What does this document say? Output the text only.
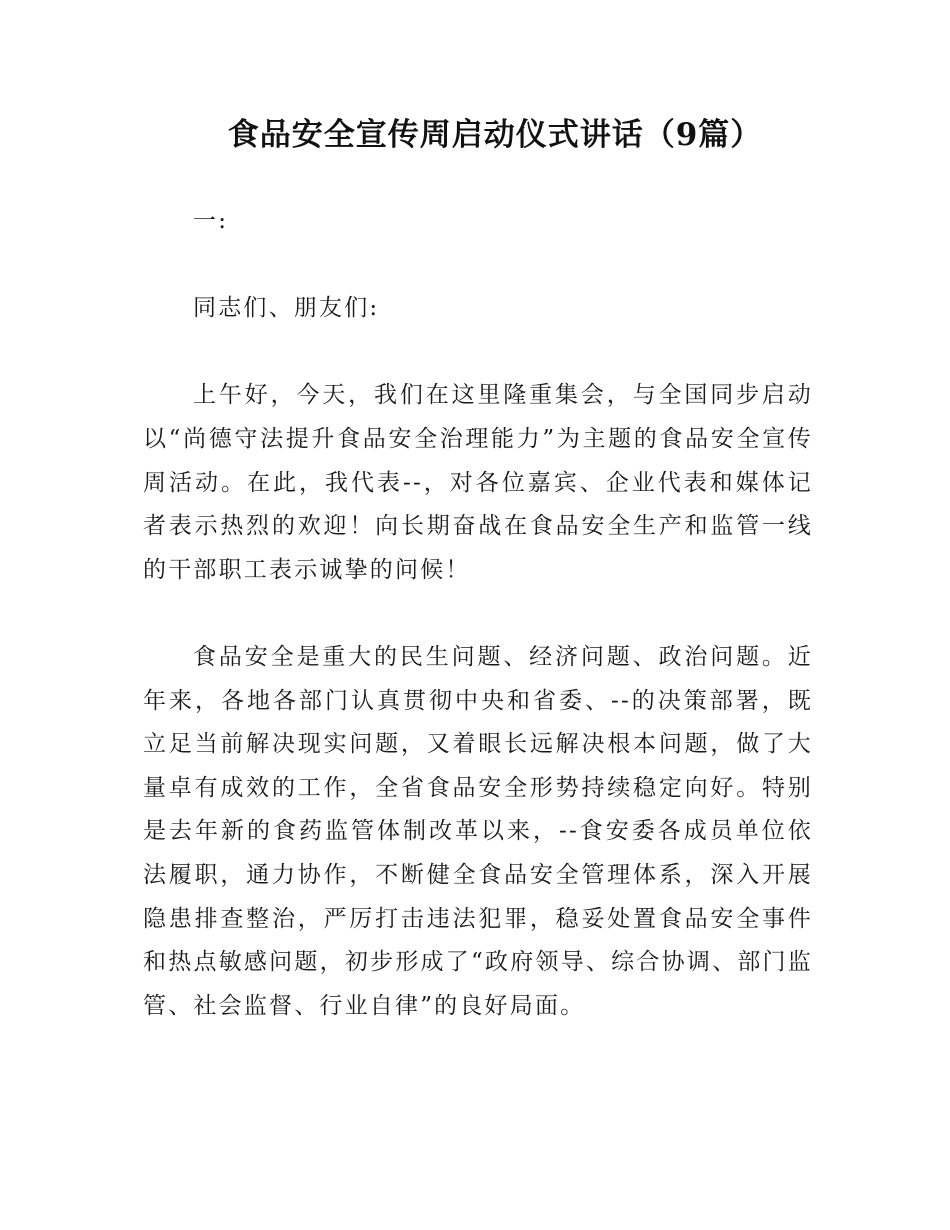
食品安全宣传周启动仪式讲话（9篇）

一:

同志们、朋友们:

上午好，今天，我们在这里隆重集会，与全国同步启动以“尚德守法提升食品安全治理能力”为主题的食品安全宣传周活动。在此，我代表--，对各位嘉宾、企业代表和媒体记者表示热烈的欢迎！向长期奋战在食品安全生产和监管一线的干部职工表示诚挚的问候！

食品安全是重大的民生问题、经济问题、政治问题。近年来，各地各部门认真贯彻中央和省委、--的决策部署，既立足当前解决现实问题，又着眼长远解决根本问题，做了大量卓有成效的工作，全省食品安全形势持续稳定向好。特别是去年新的食药监管体制改革以来，--食安委各成员单位依法履职，通力协作，不断健全食品安全管理体系，深入开展隐患排查整治，严厉打击违法犯罪，稳妥处置食品安全事件和热点敏感问题，初步形成了“政府领导、综合协调、部门监管、社会监督、行业自律”的良好局面。
